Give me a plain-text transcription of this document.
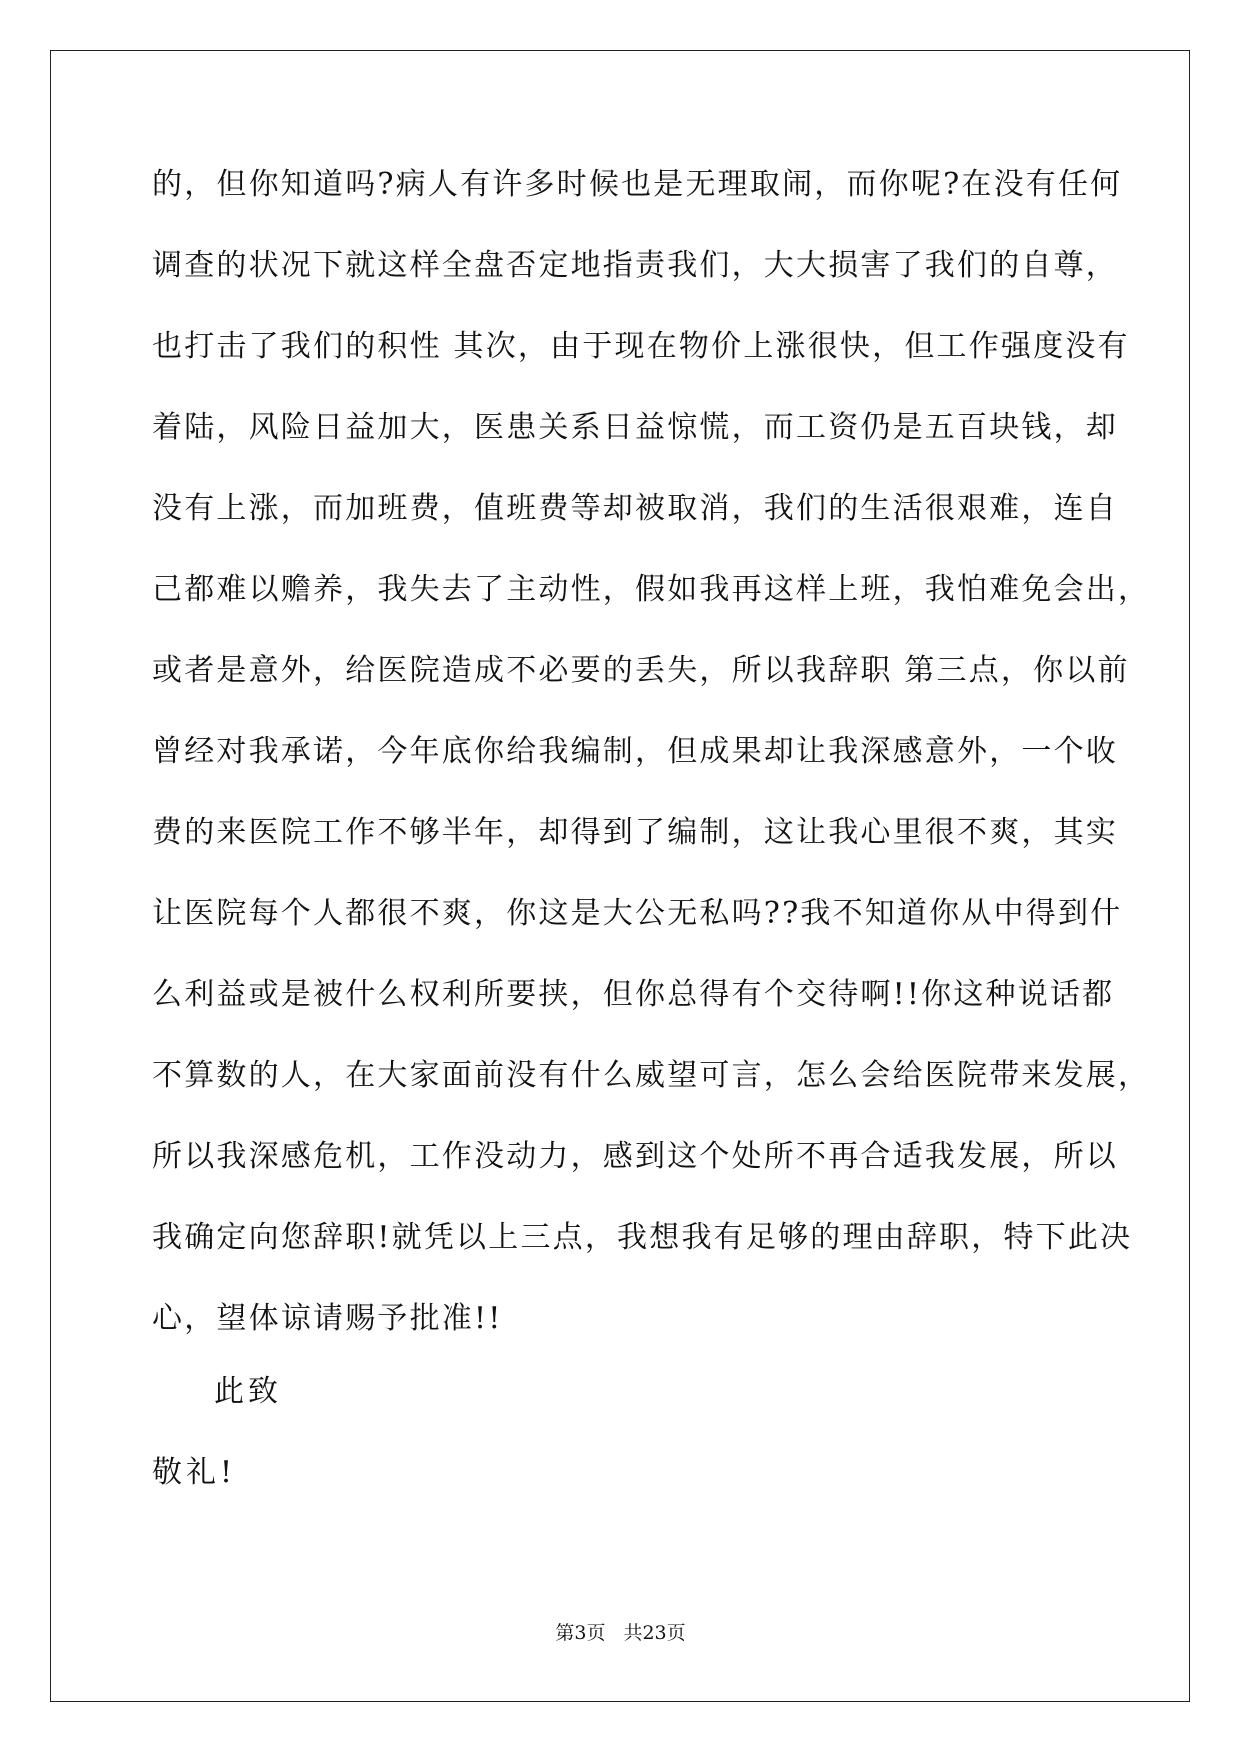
的，但你知道吗?病人有许多时候也是无理取闹，而你呢?在没有任何
调查的状况下就这样全盘否定地指责我们，大大损害了我们的自尊，
也打击了我们的积性 其次，由于现在物价上涨很快，但工作强度没有
着陆，风险日益加大，医患关系日益惊慌，而工资仍是五百块钱，却
没有上涨，而加班费，值班费等却被取消，我们的生活很艰难，连自
己都难以赡养，我失去了主动性，假如我再这样上班，我怕难免会出，
或者是意外，给医院造成不必要的丢失，所以我辞职 第三点，你以前
曾经对我承诺，今年底你给我编制，但成果却让我深感意外，一个收
费的来医院工作不够半年，却得到了编制，这让我心里很不爽，其实
让医院每个人都很不爽，你这是大公无私吗??我不知道你从中得到什
么利益或是被什么权利所要挟，但你总得有个交待啊!!你这种说话都
不算数的人，在大家面前没有什么威望可言，怎么会给医院带来发展，
所以我深感危机，工作没动力，感到这个处所不再合适我发展，所以
我确定向您辞职!就凭以上三点，我想我有足够的理由辞职，特下此决
心，望体谅请赐予批准!!
此致
敬礼!
第3页 共23页
